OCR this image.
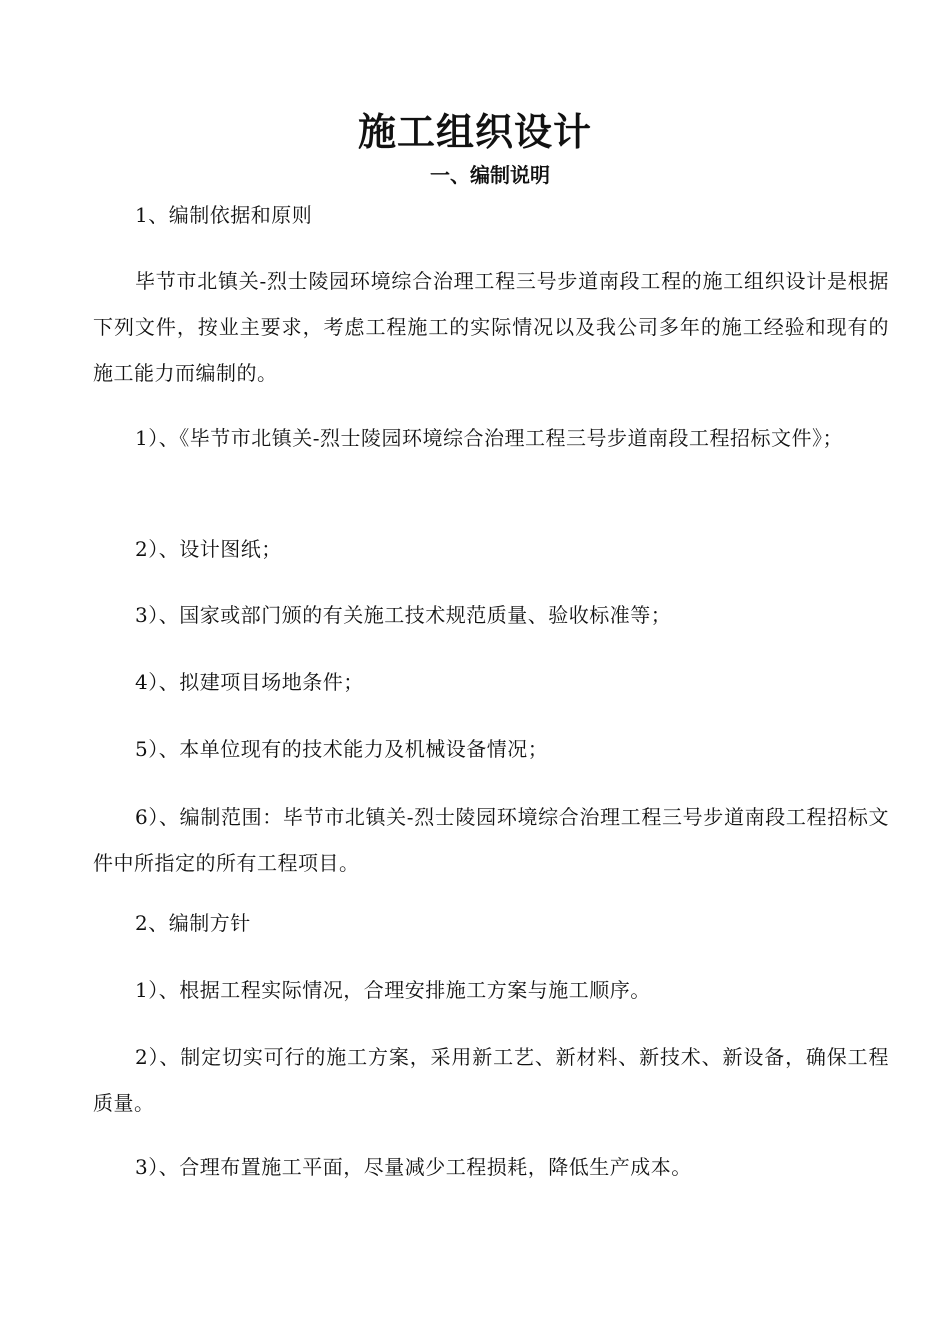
施工组织设计
一、编制说明

1、编制依据和原则

毕节市北镇关-烈士陵园环境综合治理工程三号步道南段工程的施工组织设计是根据下列文件，按业主要求，考虑工程施工的实际情况以及我公司多年的施工经验和现有的施工能力而编制的。

1）、《毕节市北镇关-烈士陵园环境综合治理工程三号步道南段工程招标文件》；

2）、设计图纸；

3）、国家或部门颁的有关施工技术规范质量、验收标准等；

4）、拟建项目场地条件；

5）、本单位现有的技术能力及机械设备情况；

6）、编制范围：毕节市北镇关-烈士陵园环境综合治理工程三号步道南段工程招标文件中所指定的所有工程项目。

2、编制方针

1）、根据工程实际情况，合理安排施工方案与施工顺序。

2）、制定切实可行的施工方案，采用新工艺、新材料、新技术、新设备，确保工程质量。

3）、合理布置施工平面，尽量减少工程损耗，降低生产成本。
